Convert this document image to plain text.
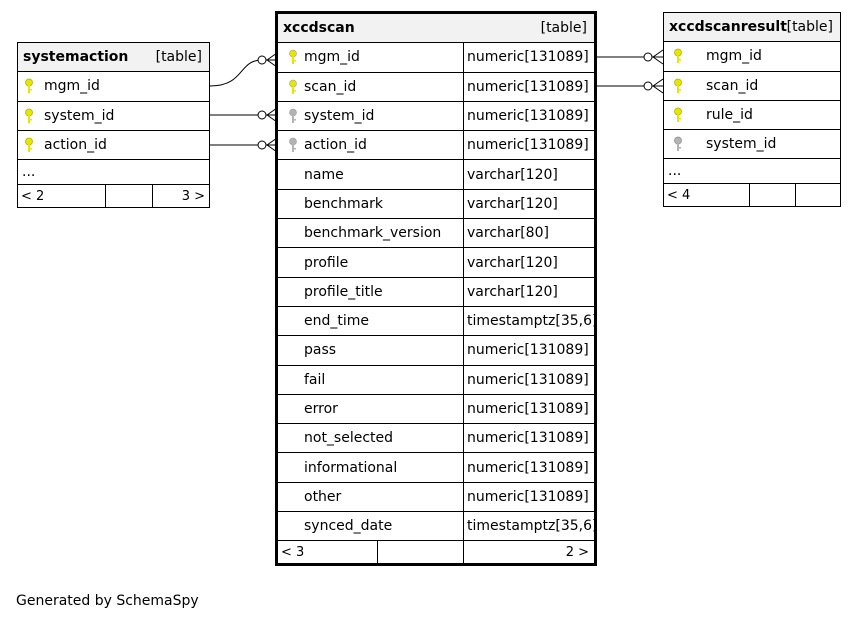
systemaction [table]
mgm_id
system_id
action_id
...
< 2	3 >
xccdscan	[table]
mgm_id	numeric[131089]
scan_id	numeric[131089]
system_id	numeric[131089]
action_id	numeric[131089]
name	varchar[120]
benchmark	varchar[120]
benchmark_version varchar[80]
profile	varchar[120]
profile_title	varchar[120]
end_time	timestamptz[35,6]
pass	numeric[131089]
fail	numeric[131089]
error	numeric[131089]
not_selected	numeric[131089]
informational	numeric[131089]
other	numeric[131089]
synced_date	timestamptz[35,6]
< 3	2 >
xccdscanresult [table]
mgm_id
scan_id
rule_id
system_id
...
< 4
Generated by SchemaSpy
